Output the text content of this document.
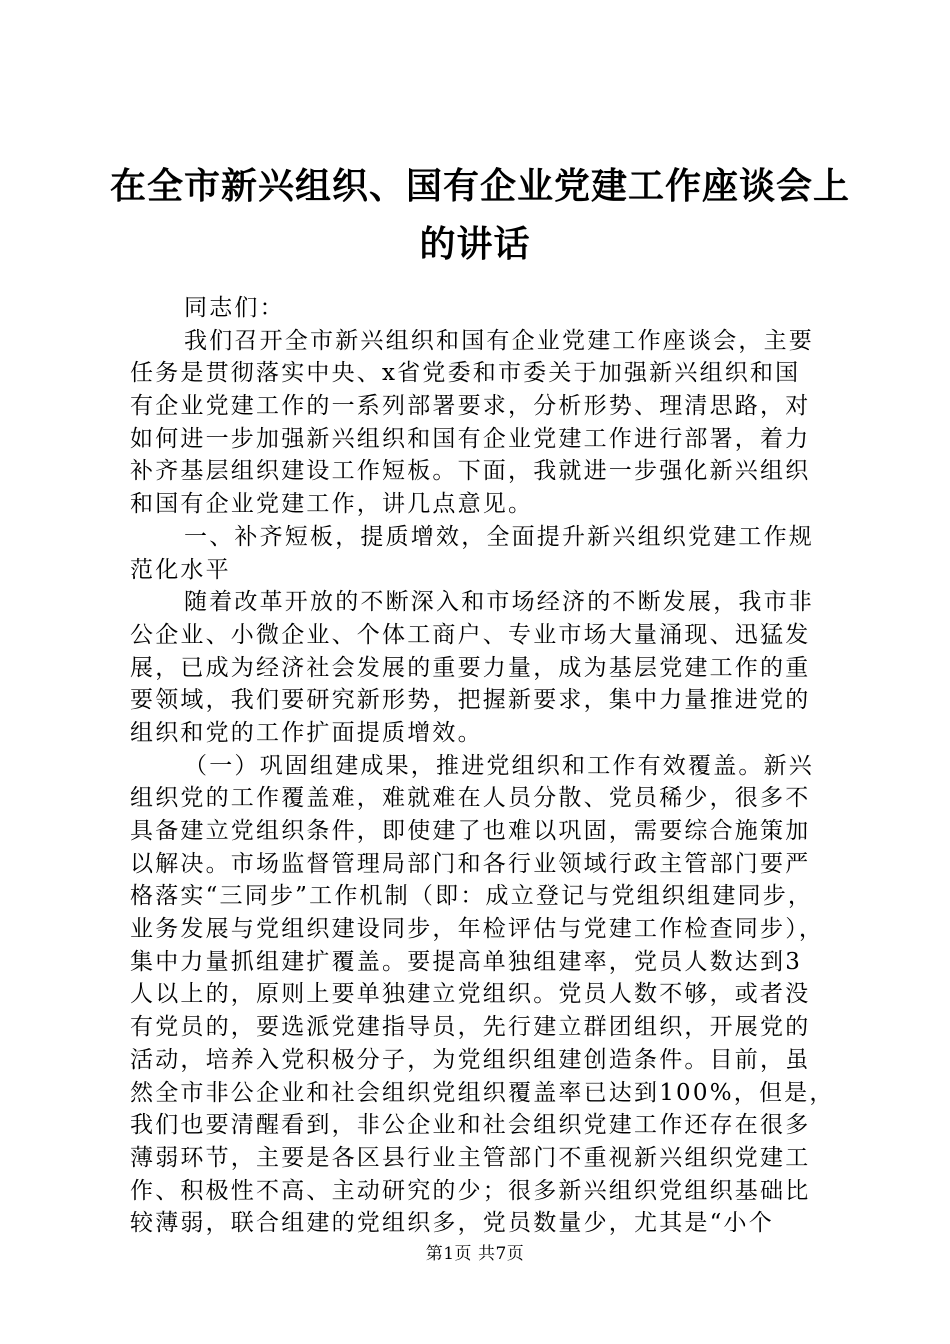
在全市新兴组织、国有企业党建工作座谈会上
的讲话
同志们：
我们召开全市新兴组织和国有企业党建工作座谈会，主要
任务是贯彻落实中央、x省党委和市委关于加强新兴组织和国
有企业党建工作的一系列部署要求，分析形势、理清思路，对
如何进一步加强新兴组织和国有企业党建工作进行部署，着力
补齐基层组织建设工作短板。下面，我就进一步强化新兴组织
和国有企业党建工作，讲几点意见。
一、补齐短板，提质增效，全面提升新兴组织党建工作规
范化水平
随着改革开放的不断深入和市场经济的不断发展，我市非
公企业、小微企业、个体工商户、专业市场大量涌现、迅猛发
展，已成为经济社会发展的重要力量，成为基层党建工作的重
要领域，我们要研究新形势，把握新要求，集中力量推进党的
组织和党的工作扩面提质增效。
（一）巩固组建成果，推进党组织和工作有效覆盖。新兴
组织党的工作覆盖难，难就难在人员分散、党员稀少，很多不
具备建立党组织条件，即使建了也难以巩固，需要综合施策加
以解决。市场监督管理局部门和各行业领域行政主管部门要严
格落实“三同步”工作机制（即：成立登记与党组织组建同步，
业务发展与党组织建设同步，年检评估与党建工作检查同步），
集中力量抓组建扩覆盖。要提高单独组建率，党员人数达到3
人以上的，原则上要单独建立党组织。党员人数不够，或者没
有党员的，要选派党建指导员，先行建立群团组织，开展党的
活动，培养入党积极分子，为党组织组建创造条件。目前，虽
然全市非公企业和社会组织党组织覆盖率已达到100%，但是，
我们也要清醒看到，非公企业和社会组织党建工作还存在很多
薄弱环节，主要是各区县行业主管部门不重视新兴组织党建工
作、积极性不高、主动研究的少；很多新兴组织党组织基础比
较薄弱，联合组建的党组织多，党员数量少，尤其是“小个
第1页 共7页
